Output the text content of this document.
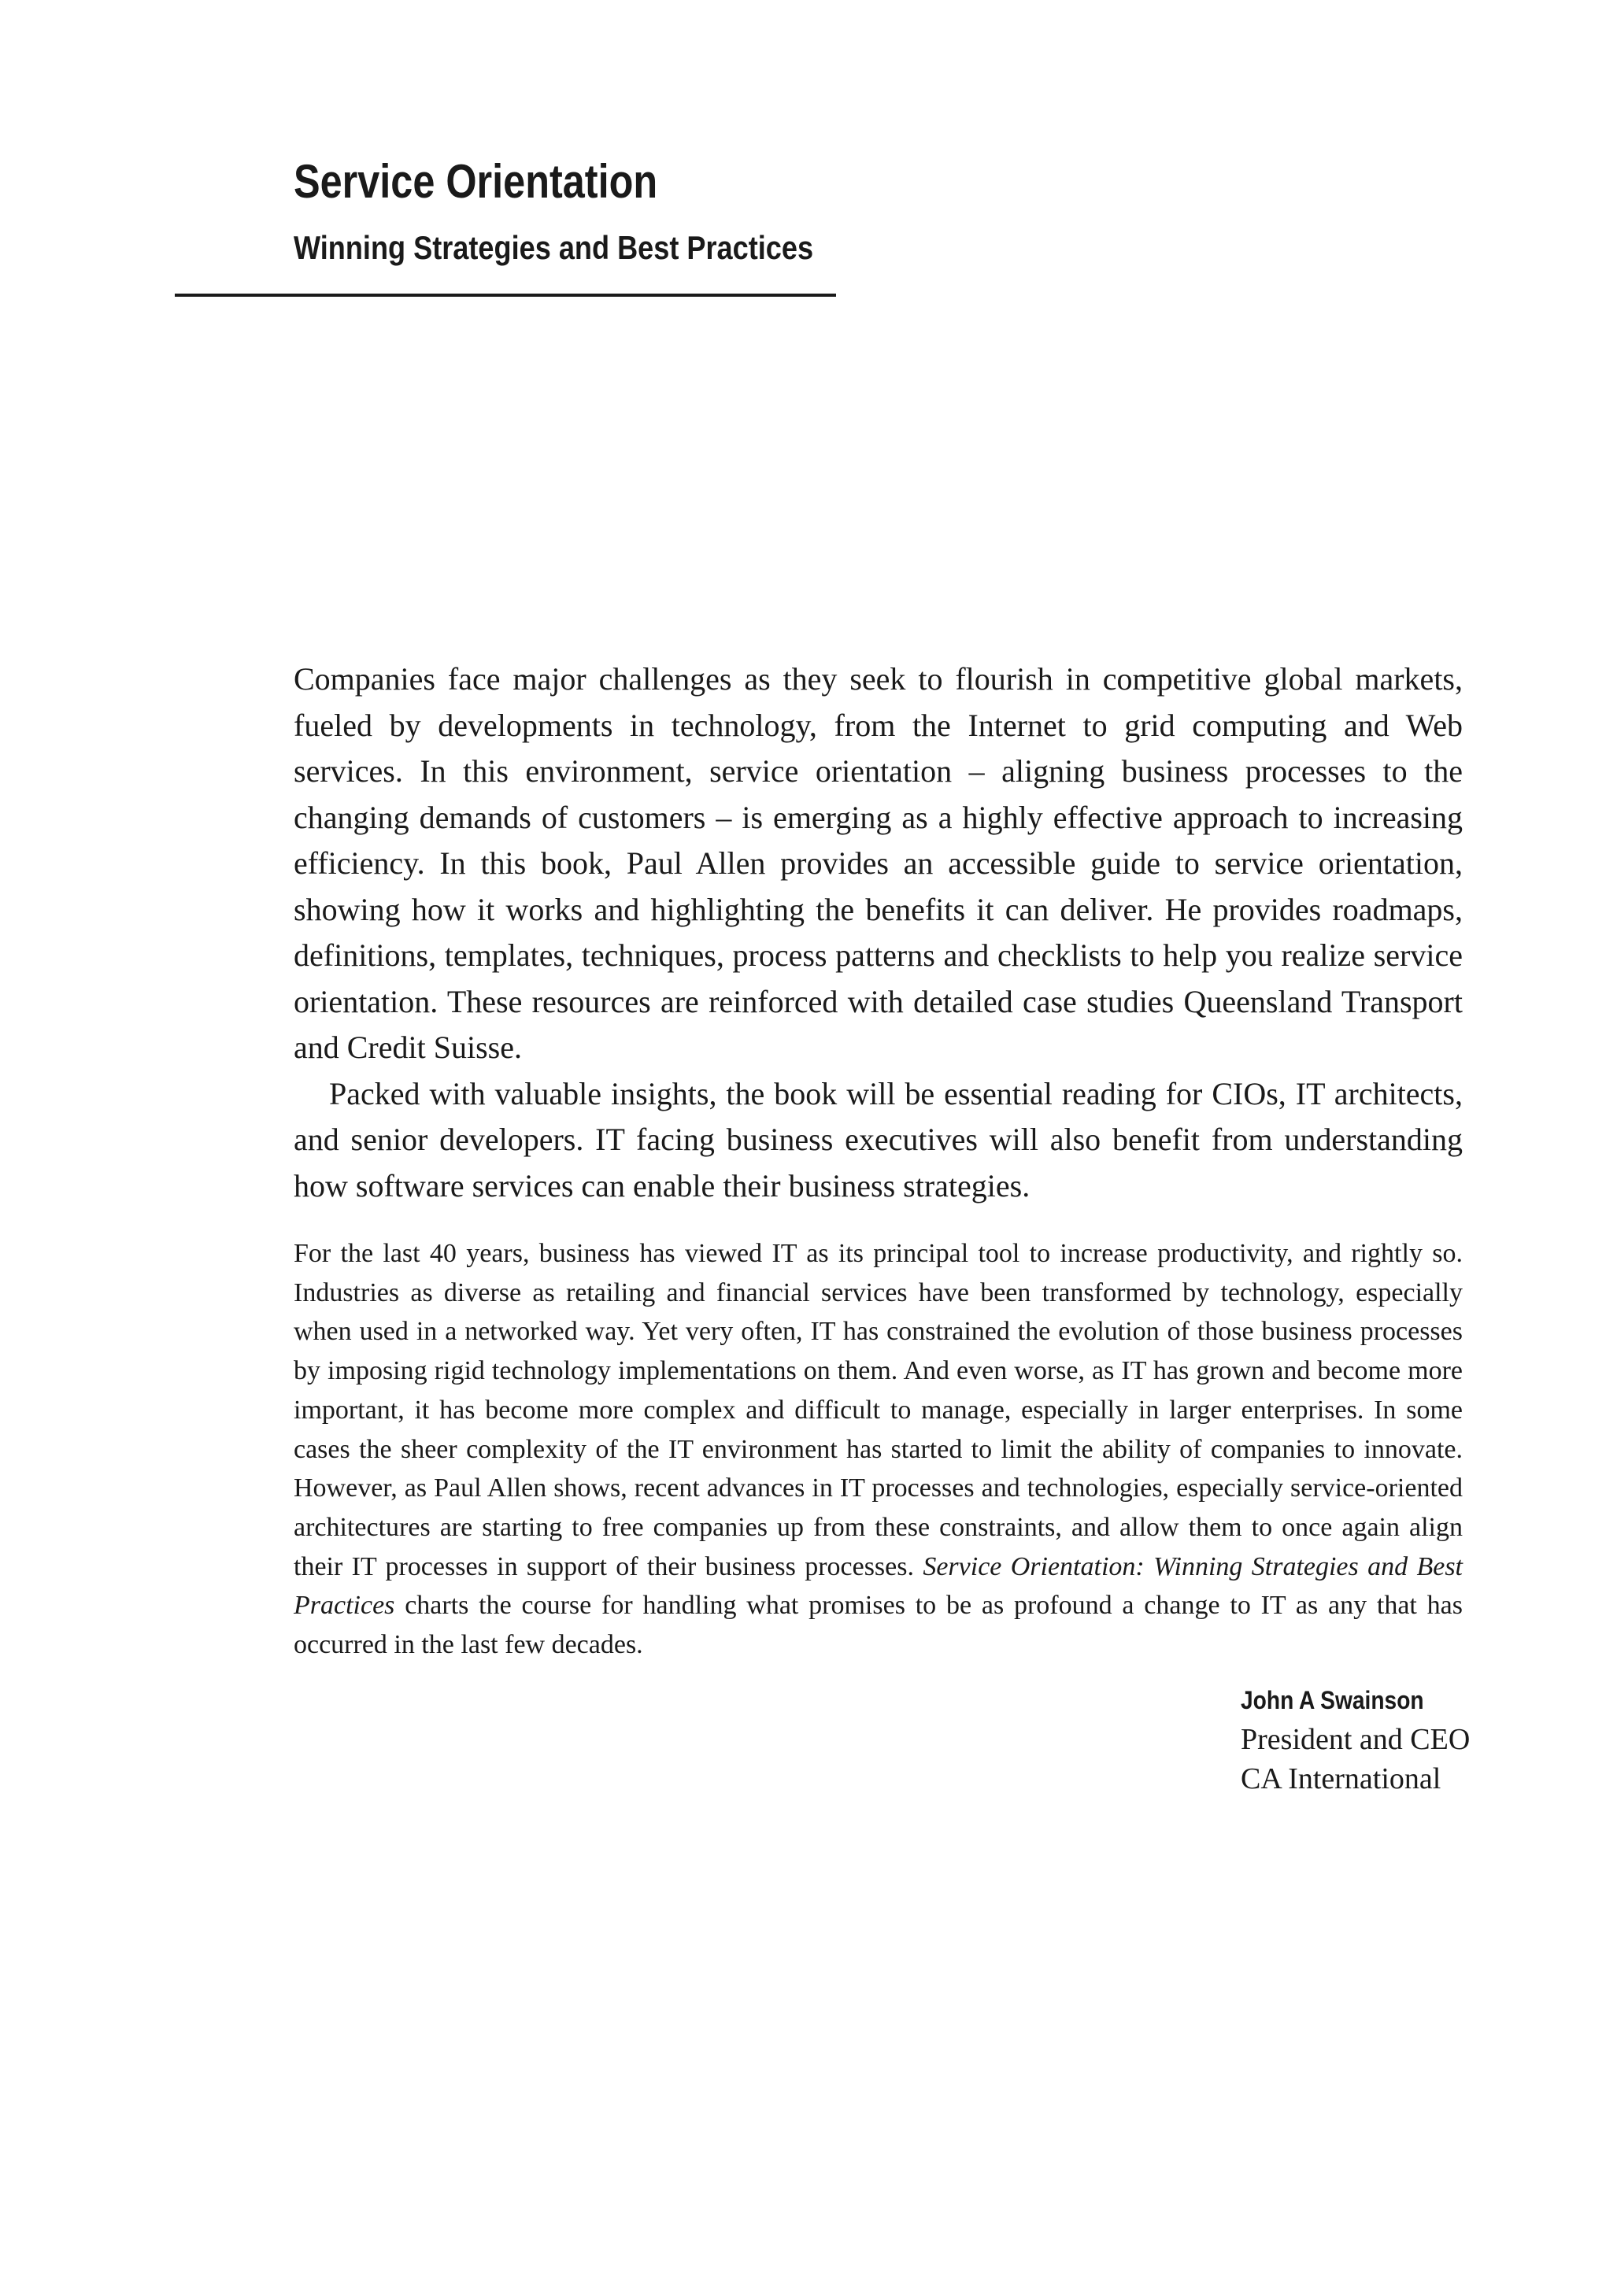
Service Orientation
Winning Strategies and Best Practices

Companies face major challenges as they seek to flourish in competitive global markets, fueled by developments in technology, from the Internet to grid computing and Web services. In this environment, service orientation – aligning business processes to the changing demands of customers – is emerging as a highly effective approach to increasing efficiency. In this book, Paul Allen provides an accessible guide to service orientation, showing how it works and highlighting the benefits it can deliver. He provides roadmaps, definitions, templates, techniques, process patterns and checklists to help you realize service orientation. These resources are reinforced with detailed case studies Queensland Transport and Credit Suisse.

Packed with valuable insights, the book will be essential reading for CIOs, IT architects, and senior developers. IT facing business executives will also benefit from understanding how software services can enable their business strategies.

For the last 40 years, business has viewed IT as its principal tool to increase productivity, and rightly so. Industries as diverse as retailing and financial services have been transformed by technology, especially when used in a networked way. Yet very often, IT has constrained the evolution of those business processes by imposing rigid technology implementations on them. And even worse, as IT has grown and become more important, it has become more complex and difficult to manage, especially in larger enterprises. In some cases the sheer complexity of the IT environment has started to limit the ability of companies to innovate. However, as Paul Allen shows, recent advances in IT processes and technologies, especially service-oriented architectures are starting to free companies up from these constraints, and allow them to once again align their IT processes in support of their business processes. Service Orientation: Winning Strategies and Best Practices charts the course for handling what promises to be as profound a change to IT as any that has occurred in the last few decades.

John A Swainson
President and CEO
CA International
